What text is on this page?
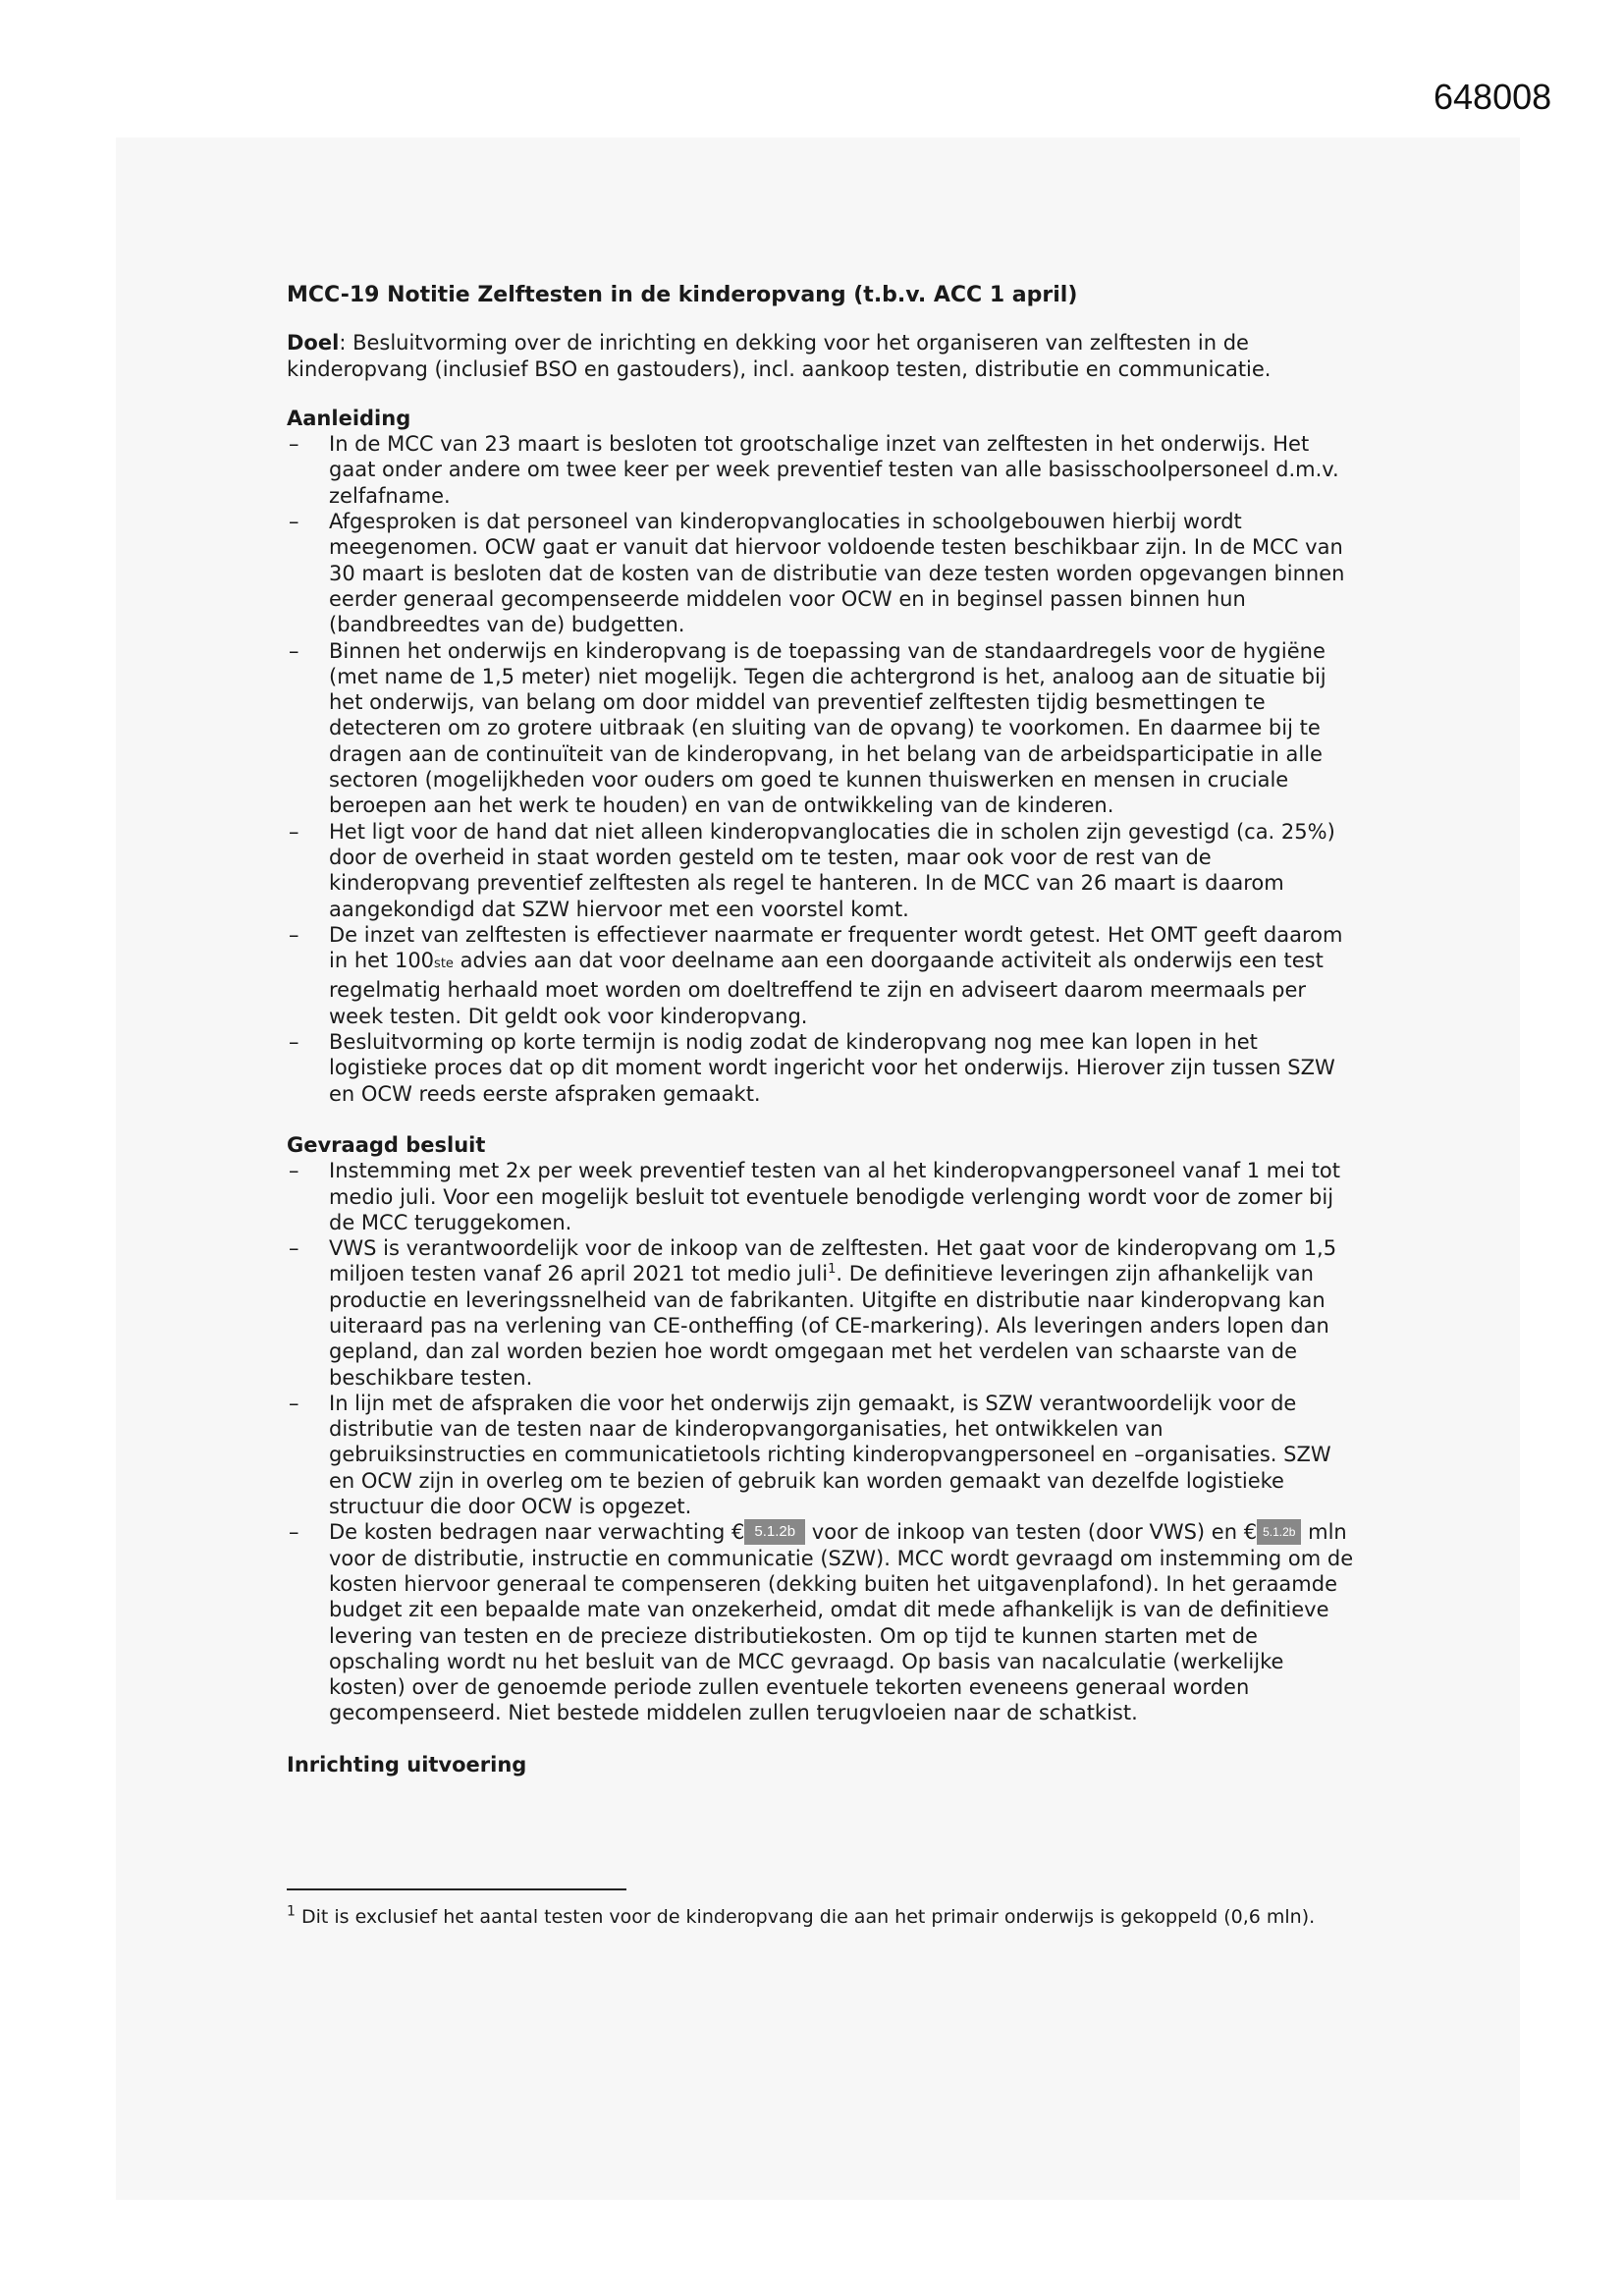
648008
MCC-19 Notitie Zelftesten in de kinderopvang (t.b.v. ACC 1 april)
Doel: Besluitvorming over de inrichting en dekking voor het organiseren van zelftesten in de kinderopvang (inclusief BSO en gastouders), incl. aankoop testen, distributie en communicatie.
Aanleiding
– In de MCC van 23 maart is besloten tot grootschalige inzet van zelftesten in het onderwijs. Het gaat onder andere om twee keer per week preventief testen van alle basisschoolpersoneel d.m.v. zelfafname.
– Afgesproken is dat personeel van kinderopvanglocaties in schoolgebouwen hierbij wordt meegenomen. OCW gaat er vanuit dat hiervoor voldoende testen beschikbaar zijn. In de MCC van 30 maart is besloten dat de kosten van de distributie van deze testen worden opgevangen binnen eerder generaal gecompenseerde middelen voor OCW en in beginsel passen binnen hun (bandbreedtes van de) budgetten.
– Binnen het onderwijs en kinderopvang is de toepassing van de standaardregels voor de hygiëne (met name de 1,5 meter) niet mogelijk. Tegen die achtergrond is het, analoog aan de situatie bij het onderwijs, van belang om door middel van preventief zelftesten tijdig besmettingen te detecteren om zo grotere uitbraak (en sluiting van de opvang) te voorkomen. En daarmee bij te dragen aan de continuïteit van de kinderopvang, in het belang van de arbeidsparticipatie in alle sectoren (mogelijkheden voor ouders om goed te kunnen thuiswerken en mensen in cruciale beroepen aan het werk te houden) en van de ontwikkeling van de kinderen.
– Het ligt voor de hand dat niet alleen kinderopvanglocaties die in scholen zijn gevestigd (ca. 25%) door de overheid in staat worden gesteld om te testen, maar ook voor de rest van de kinderopvang preventief zelftesten als regel te hanteren. In de MCC van 26 maart is daarom aangekondigd dat SZW hiervoor met een voorstel komt.
– De inzet van zelftesten is effectiever naarmate er frequenter wordt getest. Het OMT geeft daarom in het 100ste advies aan dat voor deelname aan een doorgaande activiteit als onderwijs een test regelmatig herhaald moet worden om doeltreffend te zijn en adviseert daarom meermaals per week testen. Dit geldt ook voor kinderopvang.
– Besluitvorming op korte termijn is nodig zodat de kinderopvang nog mee kan lopen in het logistieke proces dat op dit moment wordt ingericht voor het onderwijs. Hierover zijn tussen SZW en OCW reeds eerste afspraken gemaakt.
Gevraagd besluit
– Instemming met 2x per week preventief testen van al het kinderopvangpersoneel vanaf 1 mei tot medio juli. Voor een mogelijk besluit tot eventuele benodigde verlenging wordt voor de zomer bij de MCC teruggekomen.
– VWS is verantwoordelijk voor de inkoop van de zelftesten. Het gaat voor de kinderopvang om 1,5 miljoen testen vanaf 26 april 2021 tot medio juli$^1$. De definitieve leveringen zijn afhankelijk van productie en leveringssnelheid van de fabrikanten. Uitgifte en distributie naar kinderopvang kan uiteraard pas na verlening van CE-ontheffing (of CE-markering). Als leveringen anders lopen dan gepland, dan zal worden bezien hoe wordt omgegaan met het verdelen van schaarste van de beschikbare testen.
– In lijn met de afspraken die voor het onderwijs zijn gemaakt, is SZW verantwoordelijk voor de distributie van de testen naar de kinderopvangorganisaties, het ontwikkelen van gebruiksinstructies en communicatietools richting kinderopvangpersoneel en –organisaties. SZW en OCW zijn in overleg om te bezien of gebruik kan worden gemaakt van dezelfde logistieke structuur die door OCW is opgezet.
– De kosten bedragen naar verwachting € 5.1.2b voor de inkoop van testen (door VWS) en € 5.1.2b mln voor de distributie, instructie en communicatie (SZW). MCC wordt gevraagd om instemming om de kosten hiervoor generaal te compenseren (dekking buiten het uitgavenplafond). In het geraamde budget zit een bepaalde mate van onzekerheid, omdat dit mede afhankelijk is van de definitieve levering van testen en de precieze distributiekosten. Om op tijd te kunnen starten met de opschaling wordt nu het besluit van de MCC gevraagd. Op basis van nacalculatie (werkelijke kosten) over de genoemde periode zullen eventuele tekorten eveneens generaal worden gecompenseerd. Niet bestede middelen zullen terugvloeien naar de schatkist.
Inrichting uitvoering
$^1$ Dit is exclusief het aantal testen voor de kinderopvang die aan het primair onderwijs is gekoppeld (0,6 mln).
